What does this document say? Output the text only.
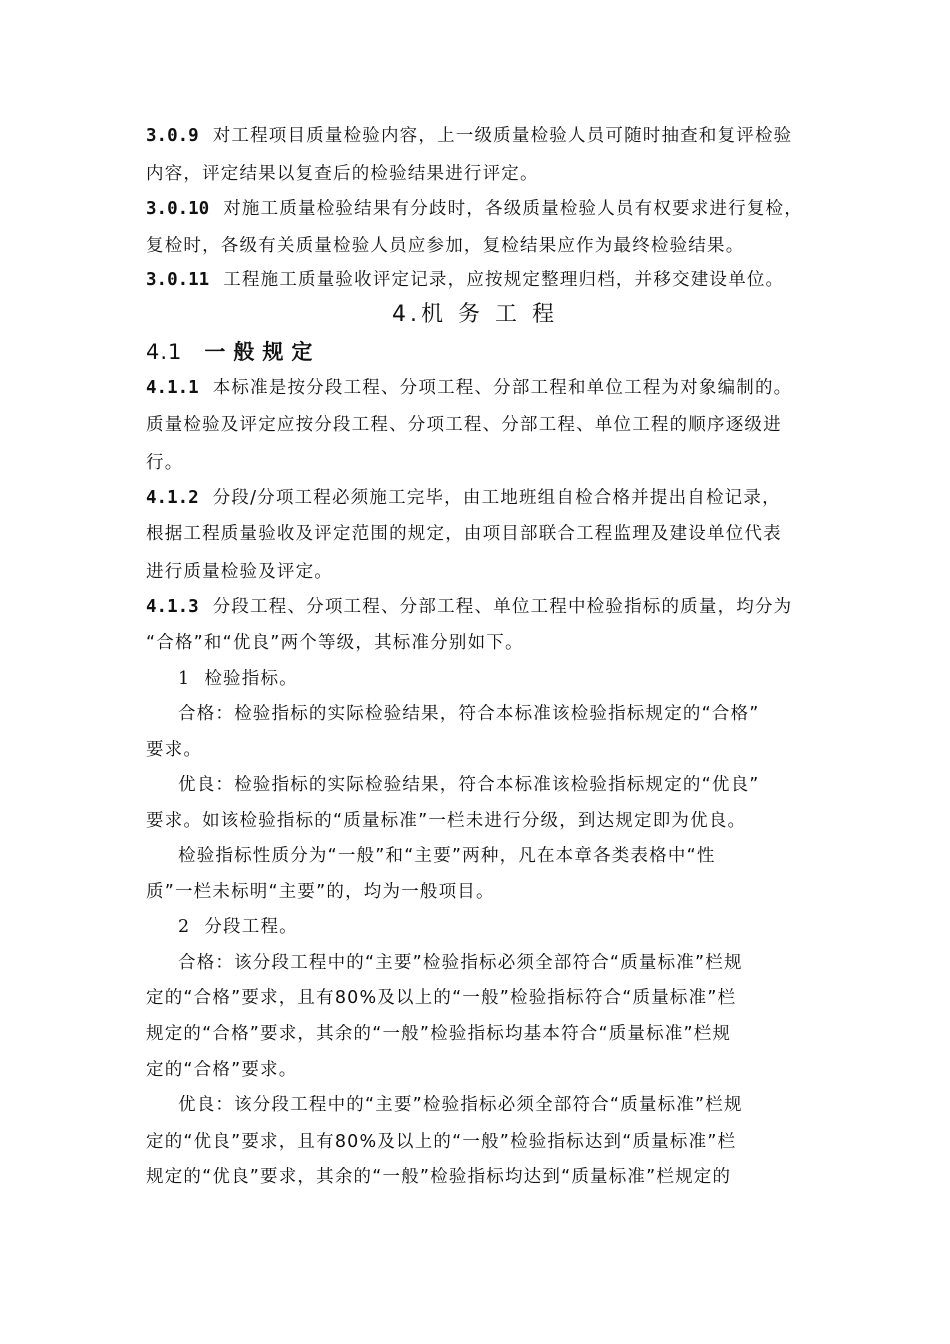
3.0.9 对工程项目质量检验内容，上一级质量检验人员可随时抽查和复评检验
内容，评定结果以复查后的检验结果进行评定。
3.0.10 对施工质量检验结果有分歧时，各级质量检验人员有权要求进行复检，
复检时，各级有关质量检验人员应参加，复检结果应作为最终检验结果。
3.0.11 工程施工质量验收评定记录，应按规定整理归档，并移交建设单位。
4.机 务 工 程
4.1 一般规定
4.1.1 本标准是按分段工程、分项工程、分部工程和单位工程为对象编制的。
质量检验及评定应按分段工程、分项工程、分部工程、单位工程的顺序逐级进
行。
4.1.2 分段/分项工程必须施工完毕，由工地班组自检合格并提出自检记录，
根据工程质量验收及评定范围的规定，由项目部联合工程监理及建设单位代表
进行质量检验及评定。
4.1.3 分段工程、分项工程、分部工程、单位工程中检验指标的质量，均分为
“合格”和“优良”两个等级，其标准分别如下。
1 检验指标。
合格：检验指标的实际检验结果，符合本标准该检验指标规定的“合格”
要求。
优良：检验指标的实际检验结果，符合本标准该检验指标规定的“优良”
要求。如该检验指标的“质量标准”一栏未进行分级，到达规定即为优良。
检验指标性质分为“一般”和“主要”两种，凡在本章各类表格中“性
质”一栏未标明“主要”的，均为一般项目。
2 分段工程。
合格：该分段工程中的“主要”检验指标必须全部符合“质量标准”栏规
定的“合格”要求，且有80%及以上的“一般”检验指标符合“质量标准”栏
规定的“合格”要求，其余的“一般”检验指标均基本符合“质量标准”栏规
定的“合格”要求。
优良：该分段工程中的“主要”检验指标必须全部符合“质量标准”栏规
定的“优良”要求，且有80%及以上的“一般”检验指标达到“质量标准”栏
规定的“优良”要求，其余的“一般”检验指标均达到“质量标准”栏规定的
